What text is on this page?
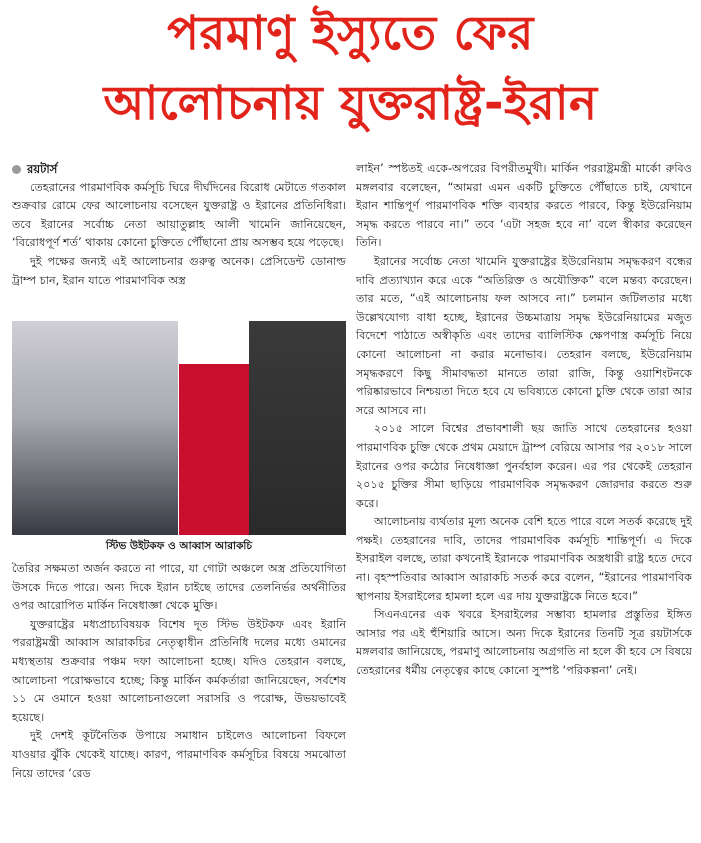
পরমাণু ইস্যুতে ফের
আলোচনায় যুক্তরাষ্ট্র-ইরান

রয়টার্স

তেহরানের পারমাণবিক কর্মসূচি ঘিরে দীর্ঘদিনের বিরোধ মেটাতে গতকাল শুক্রবার রোমে ফের আলোচনায় বসেছেন যুক্তরাষ্ট্র ও ইরানের প্রতিনিধিরা। তবে ইরানের সর্বোচ্চ নেতা আয়াতুল্লাহ আলী খামেনি জানিয়েছেন, ‘বিরোধপূর্ণ শর্ত’ থাকায় কোনো চুক্তিতে পৌঁছানো প্রায় অসম্ভব হয়ে পড়েছে।

দুই পক্ষের জন্যই এই আলোচনার গুরুত্ব অনেক। প্রেসিডেন্ট ডোনাল্ড ট্রাম্প চান, ইরান যাতে পারমাণবিক অস্ত্র

স্টিভ উইটকফ ও আব্বাস আরাকচি

তৈরির সক্ষমতা অর্জন করতে না পারে, যা গোটা অঞ্চলে অস্ত্র প্রতিযোগিতা উসকে দিতে পারে। অন্য দিকে ইরান চাইছে তাদের তেলনির্ভর অর্থনীতির ওপর আরোপিত মার্কিন নিষেধাজ্ঞা থেকে মুক্তি।

যুক্তরাষ্ট্রের মধ্যপ্রাচ্যবিষয়ক বিশেষ দূত স্টিভ উইটকফ এবং ইরানি পররাষ্ট্রমন্ত্রী আব্বাস আরাকচির নেতৃত্বাধীন প্রতিনিধি দলের মধ্যে ওমানের মধ্যস্থতায় শুক্রবার পঞ্চম দফা আলোচনা হচ্ছে। যদিও তেহরান বলছে, আলোচনা পরোক্ষভাবে হচ্ছে; কিন্তু মার্কিন কর্মকর্তারা জানিয়েছেন, সর্বশেষ ১১ মে ওমানে হওয়া আলোচনাগুলো সরাসরি ও পরোক্ষ, উভয়ভাবেই হয়েছে।

দুই দেশই কূটনৈতিক উপায়ে সমাধান চাইলেও আলোচনা বিফলে যাওয়ার ঝুঁকি থেকেই যাচ্ছে। কারণ, পারমাণবিক কর্মসূচির বিষয়ে সমঝোতা নিয়ে তাদের ‘রেড

লাইন’ স্পষ্টতই একে-অপরের বিপরীতমুখী। মার্কিন পররাষ্ট্রমন্ত্রী মার্কো রুবিও মঙ্গলবার বলেছেন, “আমরা এমন একটি চুক্তিতে পৌঁছাতে চাই, যেখানে ইরান শান্তিপূর্ণ পারমাণবিক শক্তি ব্যবহার করতে পারবে, কিন্তু ইউরেনিয়াম সমৃদ্ধ করতে পারবে না।” তবে ‘এটা সহজ হবে না’ বলে স্বীকার করেছেন তিনি।

ইরানের সর্বোচ্চ নেতা খামেনি যুক্তরাষ্ট্রের ইউরেনিয়াম সমৃদ্ধকরণ বন্ধের দাবি প্রত্যাখ্যান করে একে “অতিরিক্ত ও অযৌক্তিক” বলে মন্তব্য করেছেন। তার মতে, “এই আলোচনায় ফল আসবে না।” চলমান জটিলতার মধ্যে উল্লেখযোগ্য বাধা হচ্ছে, ইরানের উচ্চমাত্রায় সমৃদ্ধ ইউরেনিয়ামের মজুত বিদেশে পাঠাতে অস্বীকৃতি এবং তাদের ব্যালিস্টিক ক্ষেপণাস্ত্র কর্মসূচি নিয়ে কোনো আলোচনা না করার মনোভাব। তেহরান বলছে, ইউরেনিয়াম সমৃদ্ধকরণে কিছু সীমাবদ্ধতা মানতে তারা রাজি, কিন্তু ওয়াশিংটনকে পরিষ্কারভাবে নিশ্চয়তা দিতে হবে যে ভবিষ্যতে কোনো চুক্তি থেকে তারা আর সরে আসবে না।

২০১৫ সালে বিশ্বের প্রভাবশালী ছয় জাতি সাথে তেহরানের হওয়া পারমাণবিক চুক্তি থেকে প্রথম মেয়াদে ট্রাম্প বেরিয়ে আসার পর ২০১৮ সালে ইরানের ওপর কঠোর নিষেধাজ্ঞা পুনর্বহাল করেন। এর পর থেকেই তেহরান ২০১৫ চুক্তির সীমা ছাড়িয়ে পারমাণবিক সমৃদ্ধকরণ জোরদার করতে শুরু করে।

আলোচনায় ব্যর্থতার মূল্য অনেক বেশি হতে পারে বলে সতর্ক করেছে দুই পক্ষই। তেহরানের দাবি, তাদের পারমাণবিক কর্মসূচি শান্তিপূর্ণ। এ দিকে ইসরাইল বলছে, তারা কখনোই ইরানকে পারমাণবিক অস্ত্রধারী রাষ্ট্র হতে দেবে না। বৃহস্পতিবার আব্বাস আরাকচি সতর্ক করে বলেন, “ইরানের পারমাণবিক স্থাপনায় ইসরাইলের হামলা হলে এর দায় যুক্তরাষ্ট্রকে নিতে হবে।”

সিএনএনের এক খবরে ইসরাইলের সম্ভাব্য হামলার প্রস্তুতির ইঙ্গিত আসার পর এই হুঁশিয়ারি আসে। অন্য দিকে ইরানের তিনটি সূত্র রয়টার্সকে মঙ্গলবার জানিয়েছে, পরমাণু আলোচনায় অগ্রগতি না হলে কী হবে সে বিষয়ে তেহরানের ধর্মীয় নেতৃত্বের কাছে কোনো সুস্পষ্ট ‘পরিকল্পনা’ নেই।
